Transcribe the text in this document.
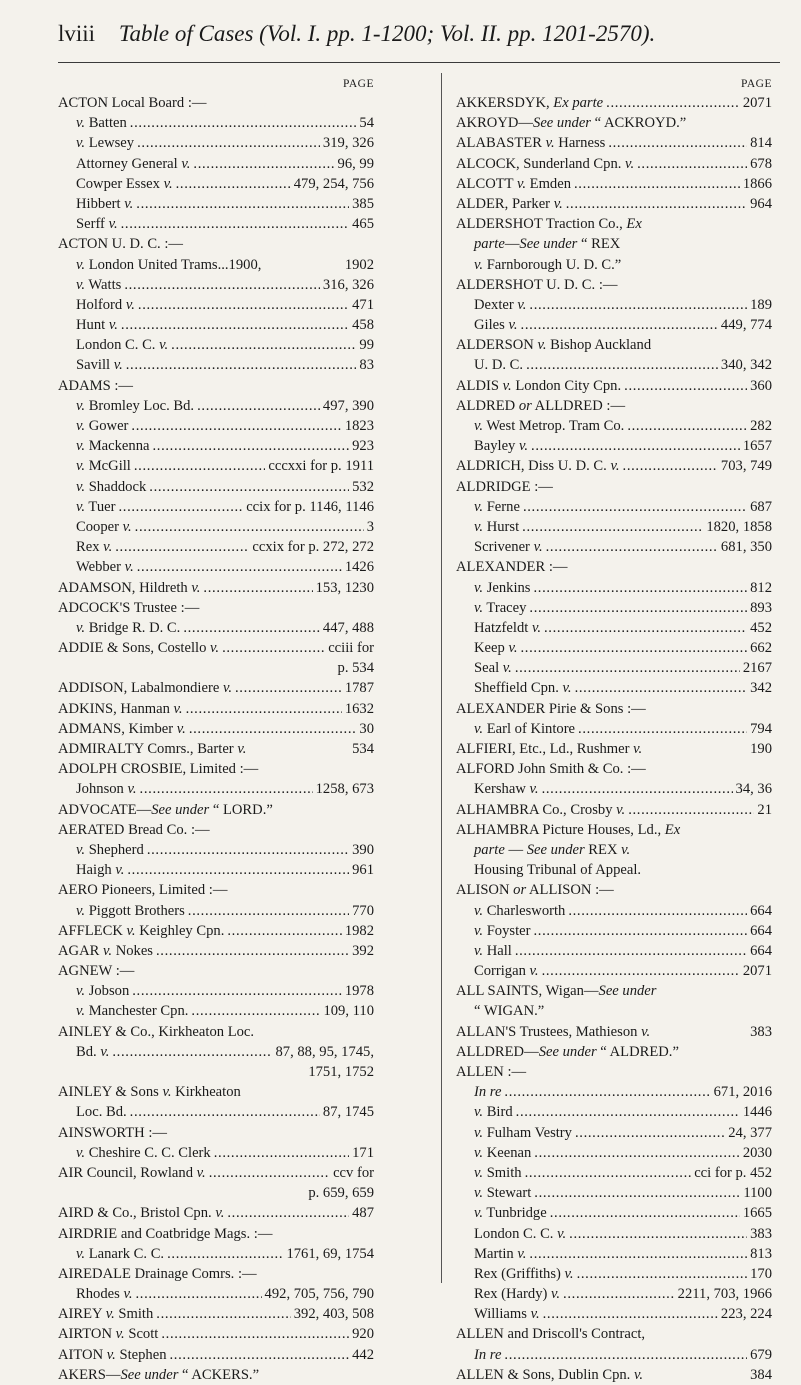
lviii Table of Cases (Vol. I. pp. 1-1200; Vol. II. pp. 1201-2570).
PAGE
ACTON Local Board :—
v. Batten . . .	54
v. Lewsey . . .	319, 326
Attorney General v. . . .	96, 99
Cowper Essex v. . . .	479, 254, 756
Hibbert v. . . .	385
Serff v. . . .	465
ACTON U. D. C. :—
v. London United Trams...1900,	1902
v. Watts . . .	316, 326
Holford v. . . .	471
Hunt v. . . .	458
London C. C. v. . . .	99
Savill v. . . .	83
ADAMS :—
v. Bromley Loc. Bd. . . .	497, 390
v. Gower . . .	1823
v. Mackenna . . .	923
v. McGill . . .	cccxxi for p. 1911
v. Shaddock . . .	532
v. Tuer . . .	ccix for p. 1146, 1146
Cooper v. . . .	3
Rex v. . . .	ccxix for p. 272, 272
Webber v. . . .	1426
ADAMSON, Hildreth v. . . .	153, 1230
ADCOCK'S Trustee :—
v. Bridge R. D. C. . . .	447, 488
ADDIE & Sons, Costello v. . . .	cciii for
p. 534
ADDISON, Labalmondiere v. . . .	1787
ADKINS, Hanman v. . . .	1632
ADMANS, Kimber v. . . .	30
ADMIRALTY Comrs., Barter v.	534
ADOLPH CROSBIE, Limited :—
Johnson v. . . .	1258, 673
ADVOCATE—See under “ LORD.”
AERATED Bread Co. :—
v. Shepherd . . .	390
Haigh v. . . .	961
AERO Pioneers, Limited :—
v. Piggott Brothers . . .	770
AFFLECK v. Keighley Cpn. . . .	1982
AGAR v. Nokes . . .	392
AGNEW :—
v. Jobson . . .	1978
v. Manchester Cpn. . . .	109, 110
AINLEY & Co., Kirkheaton Loc.
Bd. v. . . .	87, 88, 95, 1745,
1751, 1752
AINLEY & Sons v. Kirkheaton
Loc. Bd. . . .	87, 1745
AINSWORTH :—
v. Cheshire C. C. Clerk . . .	171
AIR Council, Rowland v. . . .	ccv for
p. 659, 659
AIRD & Co., Bristol Cpn. v. . . .	487
AIRDRIE and Coatbridge Mags. :—
v. Lanark C. C. . . .	1761, 69, 1754
AIREDALE Drainage Comrs. :—
Rhodes v. . . .	492, 705, 756, 790
AIREY v. Smith . . .	392, 403, 508
AIRTON v. Scott . . .	920
AITON v. Stephen . . .	442
AKERS—See under “ ACKERS.”
PAGE
AKKERSDYK, Ex parte . . .	2071
AKROYD—See under “ ACKROYD.”
ALABASTER v. Harness . . .	814
ALCOCK, Sunderland Cpn. v. . . .	678
ALCOTT v. Emden . . .	1866
ALDER, Parker v. . . .	964
ALDERSHOT Traction Co., Ex
parte—See under “ REX
v. Farnborough U. D. C.”
ALDERSHOT U. D. C. :—
Dexter v. . . .	189
Giles v. . . .	449, 774
ALDERSON v. Bishop Auckland
U. D. C. . . .	340, 342
ALDIS v. London City Cpn. . . .	360
ALDRED or ALLDRED :—
v. West Metrop. Tram Co. . . .	282
Bayley v. . . .	1657
ALDRICH, Diss U. D. C. v. . . .	703, 749
ALDRIDGE :—
v. Ferne . . .	687
v. Hurst . . .	1820, 1858
Scrivener v. . . .	681, 350
ALEXANDER :—
v. Jenkins . . .	812
v. Tracey . . .	893
Hatzfeldt v. . . .	452
Keep v. . . .	662
Seal v. . . .	2167
Sheffield Cpn. v. . . .	342
ALEXANDER Pirie & Sons :—
v. Earl of Kintore . . .	794
ALFIERI, Etc., Ld., Rushmer v.	190
ALFORD John Smith & Co. :—
Kershaw v. . . .	34, 36
ALHAMBRA Co., Crosby v. . . .	21
ALHAMBRA Picture Houses, Ld., Ex
parte — See under REX v.
Housing Tribunal of Appeal.
ALISON or ALLISON :—
v. Charlesworth . . .	664
v. Foyster . . .	664
v. Hall . . .	664
Corrigan v. . . .	2071
ALL SAINTS, Wigan—See under
“ WIGAN.”
ALLAN'S Trustees, Mathieson v.	383
ALLDRED—See under “ ALDRED.”
ALLEN :—
In re . . .	671, 2016
v. Bird . . .	1446
v. Fulham Vestry . . .	24, 377
v. Keenan . . .	2030
v. Smith . . .	cci for p. 452
v. Stewart . . .	1100
v. Tunbridge . . .	1665
London C. C. v. . . .	383
Martin v. . . .	813
Rex (Griffiths) v. . . .	170
Rex (Hardy) v. . . .	2211, 703, 1966
Williams v. . . .	223, 224
ALLEN and Driscoll's Contract,
In re . . .	679
ALLEN & Sons, Dublin Cpn. v.	384
